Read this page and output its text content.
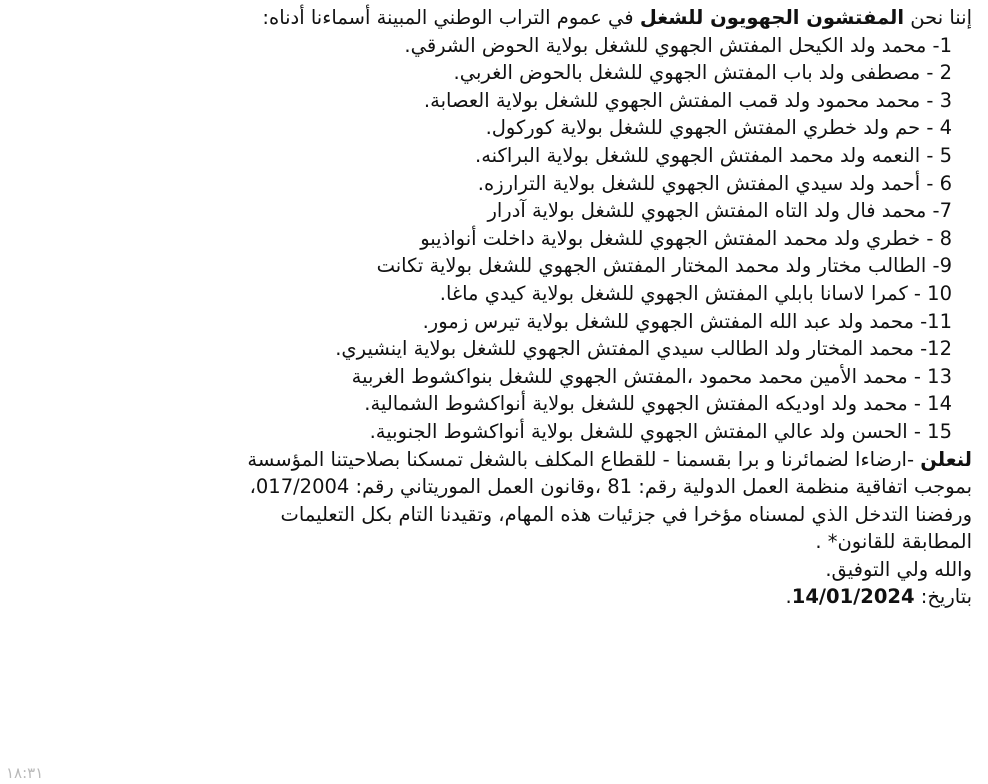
إننا نحن المفتشون الجهويون للشغل في عموم التراب الوطني المبينة أسماءنا أدناه:
1- محمد ولد الكيحل المفتش الجهوي للشغل بولاية الحوض الشرقي.
2 - مصطفى ولد باب المفتش الجهوي للشغل بالحوض الغربي.
3 - محمد محمود ولد قمب المفتش الجهوي للشغل بولاية العصابة.
4 - حم ولد خطري المفتش الجهوي للشغل بولاية كوركول.
5 - النعمه ولد محمد المفتش الجهوي للشغل بولاية البراكنه.
6 - أحمد ولد سيدي المفتش الجهوي للشغل بولاية الترارزه.
7- محمد فال ولد التاه المفتش الجهوي للشغل بولاية آدرار
8 - خطري ولد محمد المفتش الجهوي للشغل بولاية داخلت أنواذيبو
9- الطالب مختار ولد محمد المختار المفتش الجهوي للشغل بولاية تكانت
10 - كمرا لاسانا بابلي المفتش الجهوي للشغل بولاية كيدي ماغا.
11- محمد ولد عبد الله المفتش الجهوي للشغل بولاية تيرس زمور.
12- محمد المختار ولد الطالب سيدي المفتش الجهوي للشغل بولاية اينشيري.
13 - محمد الأمين محمد محمود ،المفتش الجهوي للشغل بنواكشوط الغربية
14 - محمد ولد اوديكه المفتش الجهوي للشغل بولاية أنواكشوط الشمالية.
15 - الحسن ولد عالي المفتش الجهوي للشغل بولاية أنواكشوط الجنوبية.
لنعلن -ارضاءا لضمائرنا و برا بقسمنا - للقطاع المكلف بالشغل تمسكنا بصلاحيتنا المؤسسة
بموجب اتفاقية منظمة العمل الدولية رقم: 81 ،وقانون العمل الموريتاني رقم: 017/2004،
ورفضنا التدخل الذي لمسناه مؤخرا في جزئيات هذه المهام، وتقيدنا التام بكل التعليمات
المطابقة للقانون* .
والله ولي التوفيق.
بتاريخ: 14/01/2024.
١٨:٣١
